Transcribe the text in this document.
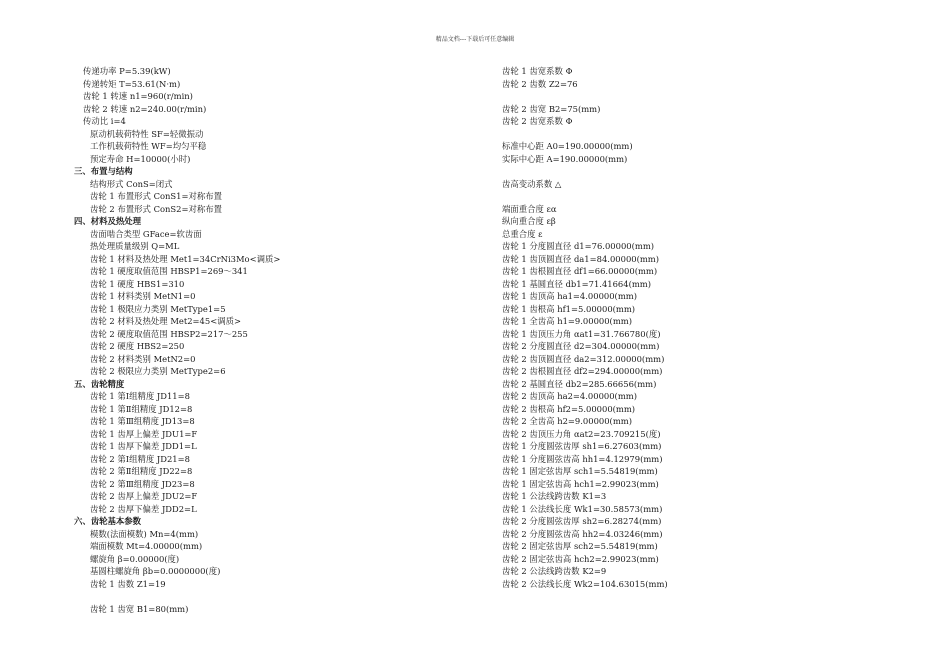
精品文档---下载后可任意编辑
传递功率 P=5.39(kW)
传递转矩 T=53.61(N·m)
齿轮 1 转速 n1=960(r/min)
齿轮 2 转速 n2=240.00(r/min)
传动比 i=4
原动机载荷特性 SF=轻微振动
工作机载荷特性 WF=均匀平稳
预定寿命 H=10000(小时)
三、布置与结构
结构形式 ConS=闭式
齿轮 1 布置形式 ConS1=对称布置
齿轮 2 布置形式 ConS2=对称布置
四、材料及热处理
齿面啮合类型 GFace=软齿面
热处理质量级别 Q=ML
齿轮 1 材料及热处理 Met1=34CrNi3Mo<调质>
齿轮 1 硬度取值范围 HBSP1=269～341
齿轮 1 硬度 HBS1=310
齿轮 1 材料类别 MetN1=0
齿轮 1 极限应力类别 MetType1=5
齿轮 2 材料及热处理 Met2=45<调质>
齿轮 2 硬度取值范围 HBSP2=217～255
齿轮 2 硬度 HBS2=250
齿轮 2 材料类别 MetN2=0
齿轮 2 极限应力类别 MetType2=6
五、齿轮精度
齿轮 1 第Ⅰ组精度 JD11=8
齿轮 1 第Ⅱ组精度 JD12=8
齿轮 1 第Ⅲ组精度 JD13=8
齿轮 1 齿厚上偏差 JDU1=F
齿轮 1 齿厚下偏差 JDD1=L
齿轮 2 第Ⅰ组精度 JD21=8
齿轮 2 第Ⅱ组精度 JD22=8
齿轮 2 第Ⅲ组精度 JD23=8
齿轮 2 齿厚上偏差 JDU2=F
齿轮 2 齿厚下偏差 JDD2=L
六、齿轮基本参数
模数(法面模数) Mn=4(mm)
端面模数 Mt=4.00000(mm)
螺旋角 β=0.00000(度)
基圆柱螺旋角 βb=0.0000000(度)
齿轮 1 齿数 Z1=19
齿轮 1 齿宽 B1=80(mm)
齿轮 1 齿宽系数 Φ
齿轮 2 齿数 Z2=76
齿轮 2 齿宽 B2=75(mm)
齿轮 2 齿宽系数 Φ
标准中心距 A0=190.00000(mm)
实际中心距 A=190.00000(mm)
齿高变动系数 △
端面重合度 εα
纵向重合度 εβ
总重合度 ε
齿轮 1 分度圆直径 d1=76.00000(mm)
齿轮 1 齿顶圆直径 da1=84.00000(mm)
齿轮 1 齿根圆直径 df1=66.00000(mm)
齿轮 1 基圆直径 db1=71.41664(mm)
齿轮 1 齿顶高 ha1=4.00000(mm)
齿轮 1 齿根高 hf1=5.00000(mm)
齿轮 1 全齿高 h1=9.00000(mm)
齿轮 1 齿顶压力角 αat1=31.766780(度)
齿轮 2 分度圆直径 d2=304.00000(mm)
齿轮 2 齿顶圆直径 da2=312.00000(mm)
齿轮 2 齿根圆直径 df2=294.00000(mm)
齿轮 2 基圆直径 db2=285.66656(mm)
齿轮 2 齿顶高 ha2=4.00000(mm)
齿轮 2 齿根高 hf2=5.00000(mm)
齿轮 2 全齿高 h2=9.00000(mm)
齿轮 2 齿顶压力角 αat2=23.709215(度)
齿轮 1 分度圆弦齿厚 sh1=6.27603(mm)
齿轮 1 分度圆弦齿高 hh1=4.12979(mm)
齿轮 1 固定弦齿厚 sch1=5.54819(mm)
齿轮 1 固定弦齿高 hch1=2.99023(mm)
齿轮 1 公法线跨齿数 K1=3
齿轮 1 公法线长度 Wk1=30.58573(mm)
齿轮 2 分度圆弦齿厚 sh2=6.28274(mm)
齿轮 2 分度圆弦齿高 hh2=4.03246(mm)
齿轮 2 固定弦齿厚 sch2=5.54819(mm)
齿轮 2 固定弦齿高 hch2=2.99023(mm)
齿轮 2 公法线跨齿数 K2=9
齿轮 2 公法线长度 Wk2=104.63015(mm)
